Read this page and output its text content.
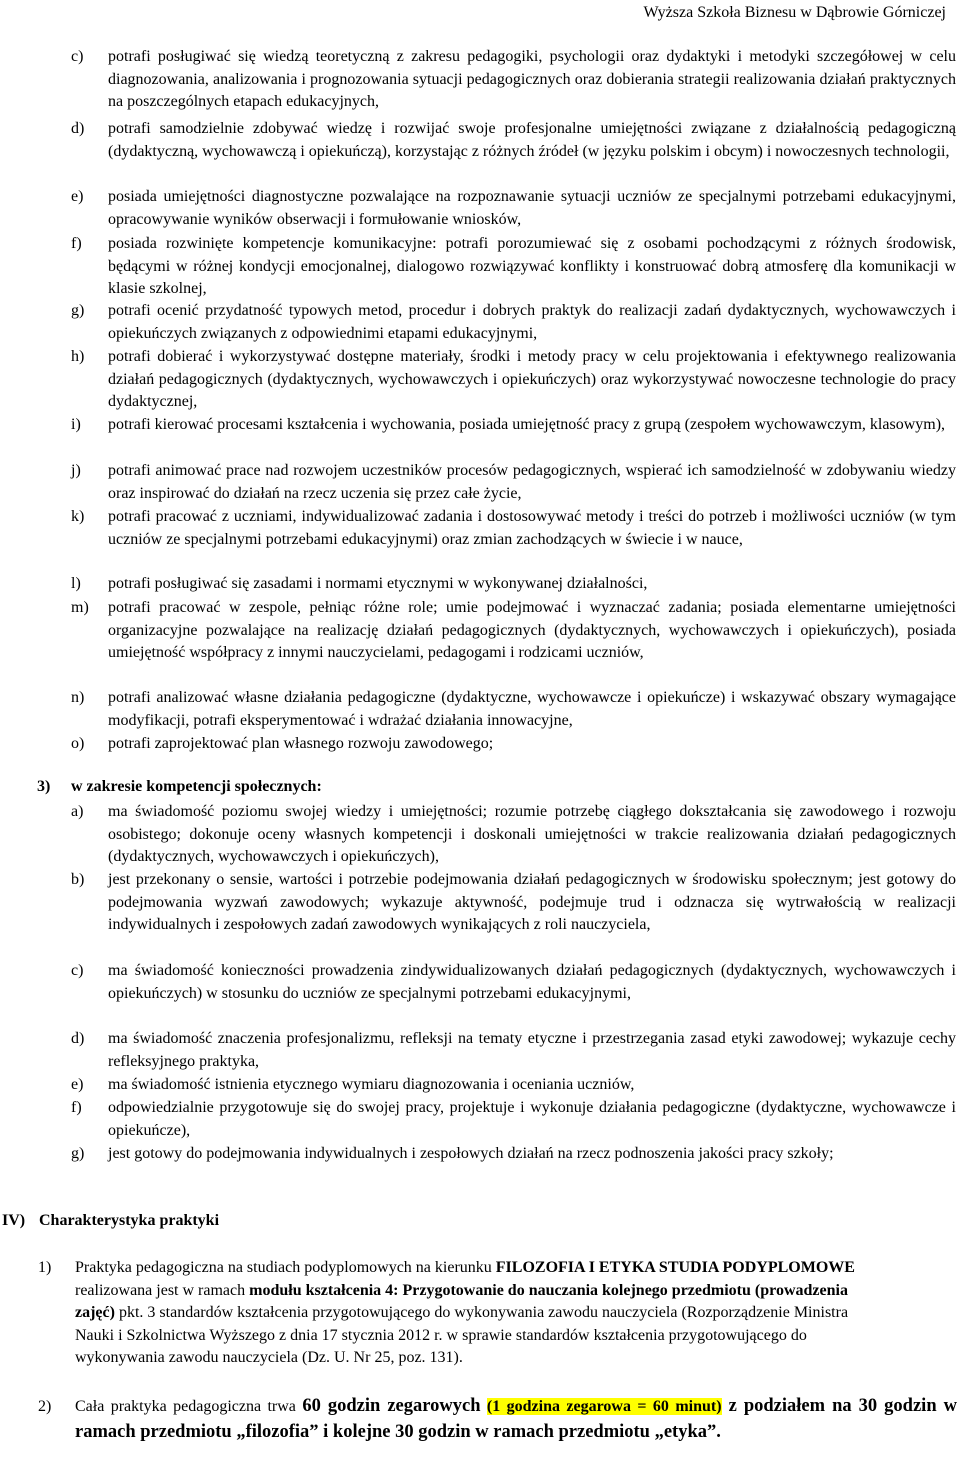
Wyższa Szkoła Biznesu w Dąbrowie Górniczej
c) potrafi posługiwać się wiedzą teoretyczną z zakresu pedagogiki, psychologii oraz dydaktyki i metodyki szczegółowej w celu diagnozowania, analizowania i prognozowania sytuacji pedagogicznych oraz dobierania strategii realizowania działań praktycznych na poszczególnych etapach edukacyjnych,
d) potrafi samodzielnie zdobywać wiedzę i rozwijać swoje profesjonalne umiejętności związane z działalnością pedagogiczną (dydaktyczną, wychowawczą i opiekuńczą), korzystając z różnych źródeł (w języku polskim i obcym) i nowoczesnych technologii,
e) posiada umiejętności diagnostyczne pozwalające na rozpoznawanie sytuacji uczniów ze specjalnymi potrzebami edukacyjnymi, opracowywanie wyników obserwacji i formułowanie wniosków,
f) posiada rozwinięte kompetencje komunikacyjne: potrafi porozumiewać się z osobami pochodzącymi z różnych środowisk, będącymi w różnej kondycji emocjonalnej, dialogowo rozwiązywać konflikty i konstruować dobrą atmosferę dla komunikacji w klasie szkolnej,
g) potrafi ocenić przydatność typowych metod, procedur i dobrych praktyk do realizacji zadań dydaktycznych, wychowawczych i opiekuńczych związanych z odpowiednimi etapami edukacyjnymi,
h) potrafi dobierać i wykorzystywać dostępne materiały, środki i metody pracy w celu projektowania i efektywnego realizowania działań pedagogicznych (dydaktycznych, wychowawczych i opiekuńczych) oraz wykorzystywać nowoczesne technologie do pracy dydaktycznej,
i) potrafi kierować procesami kształcenia i wychowania, posiada umiejętność pracy z grupą (zespołem wychowawczym, klasowym),
j) potrafi animować prace nad rozwojem uczestników procesów pedagogicznych, wspierać ich samodzielność w zdobywaniu wiedzy oraz inspirować do działań na rzecz uczenia się przez całe życie,
k) potrafi pracować z uczniami, indywidualizować zadania i dostosowywać metody i treści do potrzeb i możliwości uczniów (w tym uczniów ze specjalnymi potrzebami edukacyjnymi) oraz zmian zachodzących w świecie i w nauce,
l) potrafi posługiwać się zasadami i normami etycznymi w wykonywanej działalności,
m) potrafi pracować w zespole, pełniąc różne role; umie podejmować i wyznaczać zadania; posiada elementarne umiejętności organizacyjne pozwalające na realizację działań pedagogicznych (dydaktycznych, wychowawczych i opiekuńczych), posiada umiejętność współpracy z innymi nauczycielami, pedagogami i rodzicami uczniów,
n) potrafi analizować własne działania pedagogiczne (dydaktyczne, wychowawcze i opiekuńcze) i wskazywać obszary wymagające modyfikacji, potrafi eksperymentować i wdrażać działania innowacyjne,
o) potrafi zaprojektować plan własnego rozwoju zawodowego;
3) w zakresie kompetencji społecznych:
a) ma świadomość poziomu swojej wiedzy i umiejętności; rozumie potrzebę ciągłego dokształcania się zawodowego i rozwoju osobistego; dokonuje oceny własnych kompetencji i doskonali umiejętności w trakcie realizowania działań pedagogicznych (dydaktycznych, wychowawczych i opiekuńczych),
b) jest przekonany o sensie, wartości i potrzebie podejmowania działań pedagogicznych w środowisku społecznym; jest gotowy do podejmowania wyzwań zawodowych; wykazuje aktywność, podejmuje trud i odznacza się wytrwałością w realizacji indywidualnych i zespołowych zadań zawodowych wynikających z roli nauczyciela,
c) ma świadomość konieczności prowadzenia zindywidualizowanych działań pedagogicznych (dydaktycznych, wychowawczych i opiekuńczych) w stosunku do uczniów ze specjalnymi potrzebami edukacyjnymi,
d) ma świadomość znaczenia profesjonalizmu, refleksji na tematy etyczne i przestrzegania zasad etyki zawodowej; wykazuje cechy refleksyjnego praktyka,
e) ma świadomość istnienia etycznego wymiaru diagnozowania i oceniania uczniów,
f) odpowiedzialnie przygotowuje się do swojej pracy, projektuje i wykonuje działania pedagogiczne (dydaktyczne, wychowawcze i opiekuńcze),
g) jest gotowy do podejmowania indywidualnych i zespołowych działań na rzecz podnoszenia jakości pracy szkoły;
IV) Charakterystyka praktyki
1) Praktyka pedagogiczna na studiach podyplomowych na kierunku FILOZOFIA I ETYKA STUDIA PODYPLOMOWE realizowana jest w ramach modułu kształcenia 4: Przygotowanie do nauczania kolejnego przedmiotu (prowadzenia zajęć) pkt. 3 standardów kształcenia przygotowującego do wykonywania zawodu nauczyciela (Rozporządzenie Ministra Nauki i Szkolnictwa Wyższego z dnia 17 stycznia 2012 r. w sprawie standardów kształcenia przygotowującego do wykonywania zawodu nauczyciela (Dz. U. Nr 25, poz. 131).
2) Cała praktyka pedagogiczna trwa 60 godzin zegarowych (1 godzina zegarowa = 60 minut) z podziałem na 30 godzin w ramach przedmiotu „filozofia” i kolejne 30 godzin w ramach przedmiotu „etyka”.
